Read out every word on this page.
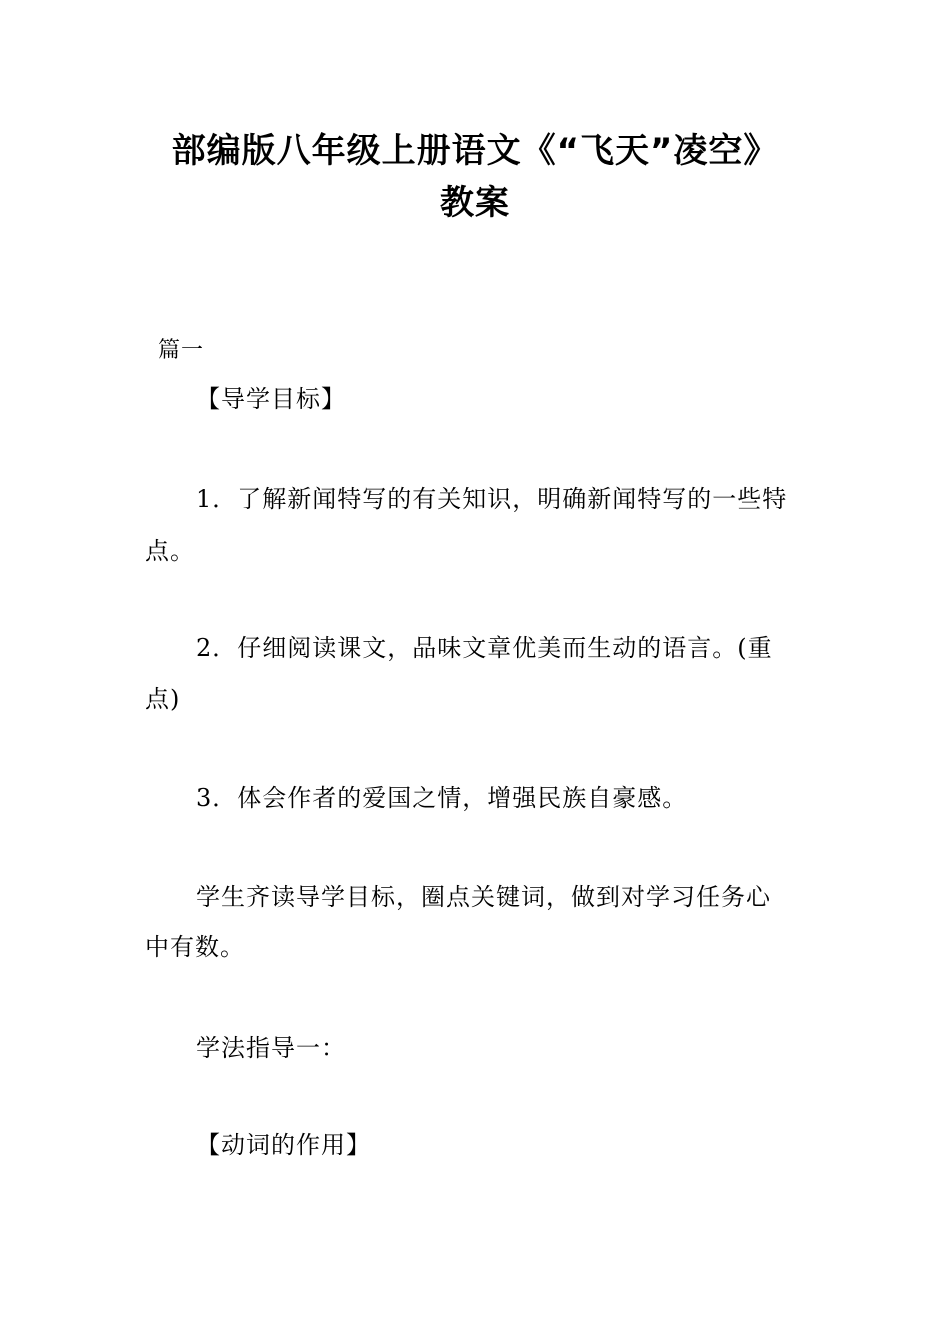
部编版八年级上册语文《“飞天”凌空》
教案
篇一
【导学目标】
1．了解新闻特写的有关知识，明确新闻特写的一些特
点。
2．仔细阅读课文，品味文章优美而生动的语言。(重
点)
3．体会作者的爱国之情，增强民族自豪感。
学生齐读导学目标，圈点关键词，做到对学习任务心
中有数。
学法指导一：
【动词的作用】
